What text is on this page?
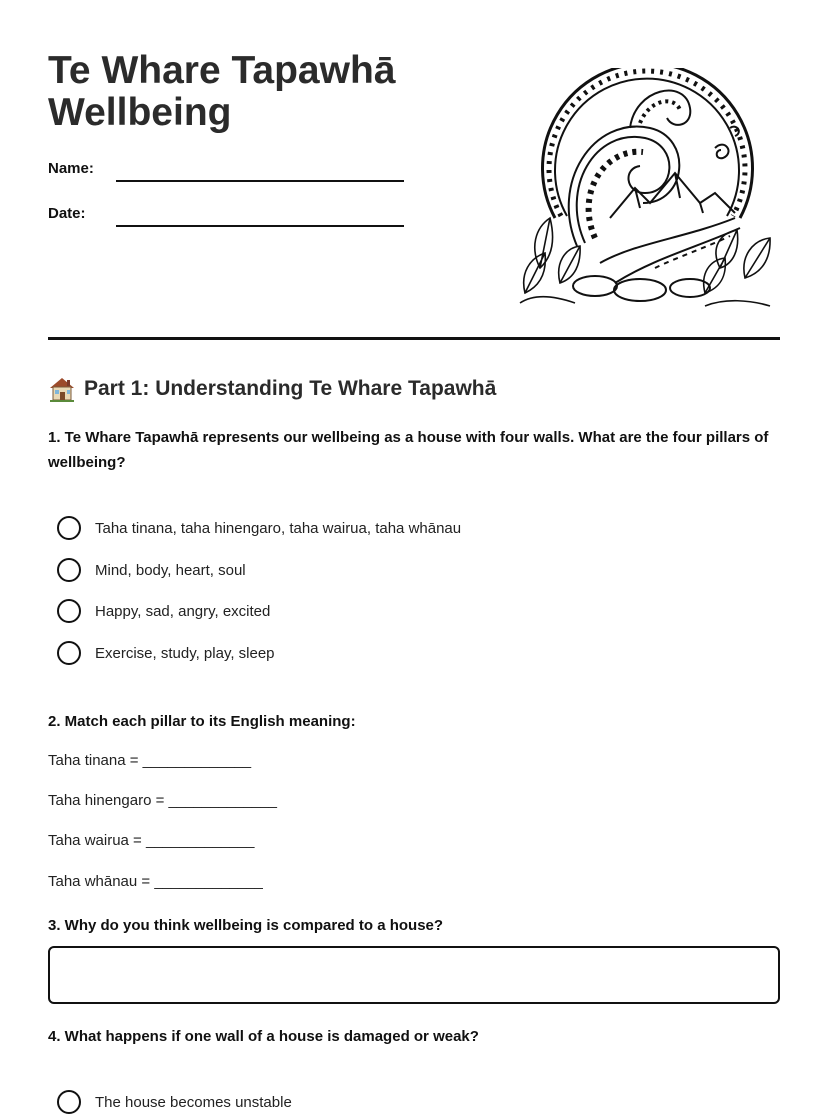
Te Whare Tapawhā
Wellbeing
Name:
Date:
Part 1: Understanding Te Whare Tapawhā
1. Te Whare Tapawhā represents our wellbeing as a house with four walls. What are the four pillars of wellbeing?
Taha tinana, taha hinengaro, taha wairua, taha whānau
Mind, body, heart, soul
Happy, sad, angry, excited
Exercise, study, play, sleep
2. Match each pillar to its English meaning:
Taha tinana = _____________
Taha hinengaro = _____________
Taha wairua = _____________
Taha whānau = _____________
3. Why do you think wellbeing is compared to a house?
4. What happens if one wall of a house is damaged or weak?
The house becomes unstable
